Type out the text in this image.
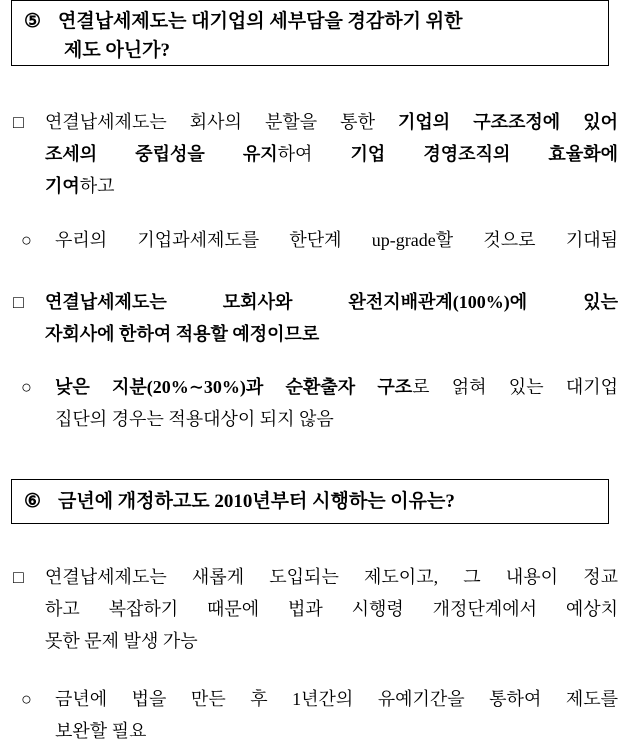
⑤ 연결납세제도는 대기업의 세부담을 경감하기 위한
제도 아닌가?
□	연결납세제도는 회사의 분할을 통한 기업의 구조조정에 있어
조세의 중립성을 유지하여 기업 경영조직의 효율화에
기여하고
○	우리의 기업과세제도를 한단계 up-grade할 것으로 기대됨
□	연결납세제도는 모회사와 완전지배관계(100%)에 있는
자회사에 한하여 적용할 예정이므로
○	낮은 지분(20%∼30%)과 순환출자 구조로 얽혀 있는 대기업
집단의 경우는 적용대상이 되지 않음
⑥ 금년에 개정하고도 2010년부터 시행하는 이유는?
□	연결납세제도는 새롭게 도입되는 제도이고, 그 내용이 정교
하고 복잡하기 때문에 법과 시행령 개정단계에서 예상치
못한 문제 발생 가능
○	금년에 법을 만든 후 1년간의 유예기간을 통하여 제도를
보완할 필요
